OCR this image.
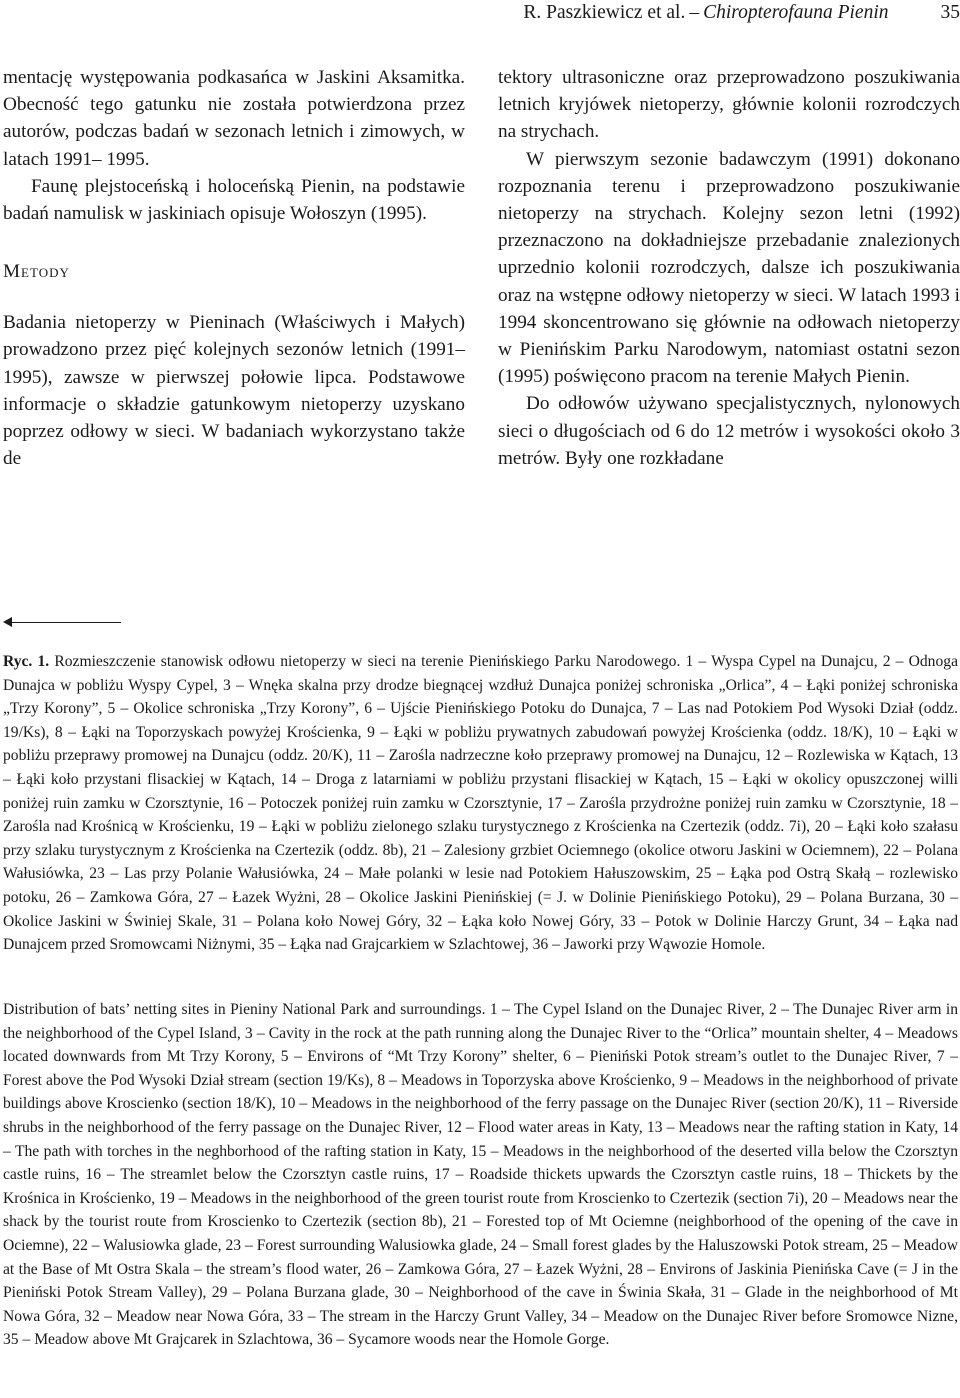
R. Paszkiewicz et al. – Chiropterofauna Pienin	35

mentację występowania podkasańca w Jaskini Aksamitka. Obecność tego gatunku nie została potwierdzona przez autorów, podczas badań w sezonach letnich i zimowych, w latach 1991– 1995.

Faunę plejstoceńską i holoceńską Pienin, na podstawie badań namulisk w jaskiniach opisuje Wołoszyn (1995).

Metody

Badania nietoperzy w Pieninach (Właściwych i Małych) prowadzono przez pięć kolejnych sezonów letnich (1991–1995), zawsze w pierwszej połowie lipca. Podstawowe informacje o składzie gatunkowym nietoperzy uzyskano poprzez odłowy w sieci. W badaniach wykorzystano także de

tektory ultrasoniczne oraz przeprowadzono poszukiwania letnich kryjówek nietoperzy, głównie kolonii rozrodczych na strychach.

W pierwszym sezonie badawczym (1991) dokonano rozpoznania terenu i przeprowadzono poszukiwanie nietoperzy na strychach. Kolejny sezon letni (1992) przeznaczono na dokładniejsze przebadanie znalezionych uprzednio kolonii rozrodczych, dalsze ich poszukiwania oraz na wstępne odłowy nietoperzy w sieci. W latach 1993 i 1994 skoncentrowano się głównie na odłowach nietoperzy w Pienińskim Parku Narodowym, natomiast ostatni sezon (1995) poświęcono pracom na terenie Małych Pienin.

Do odłowów używano specjalistycznych, nylonowych sieci o długościach od 6 do 12 metrów i wysokości około 3 metrów. Były one rozkładane

Ryc. 1. Rozmieszczenie stanowisk odłowu nietoperzy w sieci na terenie Pienińskiego Parku Narodowego. 1 – Wyspa Cypel na Dunajcu, 2 – Odnoga Dunajca w pobliżu Wyspy Cypel, 3 – Wnęka skalna przy drodze biegnącej wzdłuż Dunajca poniżej schroniska „Orlica”, 4 – Łąki poniżej schroniska „Trzy Korony”, 5 – Okolice schroniska „Trzy Korony”, 6 – Ujście Pienińskiego Potoku do Dunajca, 7 – Las nad Potokiem Pod Wysoki Dział (oddz. 19/Ks), 8 – Łąki na Toporzyskach powyżej Krościenka, 9 – Łąki w pobliżu prywatnych zabudowań powyżej Krościenka (oddz. 18/K), 10 – Łąki w pobliżu przeprawy promowej na Dunajcu (oddz. 20/K), 11 – Zarośla nadrzeczne koło przeprawy promowej na Dunajcu, 12 – Rozlewiska w Kątach, 13 – Łąki koło przystani flisackiej w Kątach, 14 – Droga z latarniami w pobliżu przystani flisackiej w Kątach, 15 – Łąki w okolicy opuszczonej willi poniżej ruin zamku w Czorsztynie, 16 – Potoczek poniżej ruin zamku w Czorsztynie, 17 – Zarośla przydrożne poniżej ruin zamku w Czorsztynie, 18 – Zarośla nad Krośnicą w Krościenku, 19 – Łąki w pobliżu zielonego szlaku turystycznego z Krościenka na Czertezik (oddz. 7i), 20 – Łąki koło szałasu przy szlaku turystycznym z Krościenka na Czertezik (oddz. 8b), 21 – Zalesiony grzbiet Ociemnego (okolice otworu Jaskini w Ociemnem), 22 – Polana Wałusiówka, 23 – Las przy Polanie Wałusiówka, 24 – Małe polanki w lesie nad Potokiem Hałuszowskim, 25 – Łąka pod Ostrą Skałą – rozlewisko potoku, 26 – Zamkowa Góra, 27 – Łazek Wyżni, 28 – Okolice Jaskini Pienińskiej (= J. w Dolinie Pienińskiego Potoku), 29 – Polana Burzana, 30 – Okolice Jaskini w Świniej Skale, 31 – Polana koło Nowej Góry, 32 – Łąka koło Nowej Góry, 33 – Potok w Dolinie Harczy Grunt, 34 – Łąka nad Dunajcem przed Sromowcami Niżnymi, 35 – Łąka nad Grajcarkiem w Szlachtowej, 36 – Jaworki przy Wąwozie Homole.

Distribution of bats’ netting sites in Pieniny National Park and surroundings. 1 – The Cypel Island on the Dunajec River, 2 – The Dunajec River arm in the neighborhood of the Cypel Island, 3 – Cavity in the rock at the path running along the Dunajec River to the “Orlica” mountain shelter, 4 – Meadows located downwards from Mt Trzy Korony, 5 – Environs of “Mt Trzy Korony” shelter, 6 – Pieniński Potok stream’s outlet to the Dunajec River, 7 – Forest above the Pod Wysoki Dział stream (section 19/Ks), 8 – Meadows in Toporzyska above Krościenko, 9 – Meadows in the neighborhood of private buildings above Kroscienko (section 18/K), 10 – Meadows in the neighborhood of the ferry passage on the Dunajec River (section 20/K), 11 – Riverside shrubs in the neighborhood of the ferry passage on the Dunajec River, 12 – Flood water areas in Katy, 13 – Meadows near the rafting station in Katy, 14 – The path with torches in the neghborhood of the rafting station in Katy, 15 – Meadows in the neighborhood of the deserted villa below the Czorsztyn castle ruins, 16 – The streamlet below the Czorsztyn castle ruins, 17 – Roadside thickets upwards the Czorsztyn castle ruins, 18 – Thickets by the Krośnica in Krościenko, 19 – Meadows in the neighborhood of the green tourist route from Kroscienko to Czertezik (section 7i), 20 – Meadows near the shack by the tourist route from Kroscienko to Czertezik (section 8b), 21 – Forested top of Mt Ociemne (neighborhood of the opening of the cave in Ociemne), 22 – Walusiowka glade, 23 – Forest surrounding Walusiowka glade, 24 – Small forest glades by the Haluszowski Potok stream, 25 – Meadow at the Base of Mt Ostra Skala – the stream’s flood water, 26 – Zamkowa Góra, 27 – Łazek Wyżni, 28 – Environs of Jaskinia Pienińska Cave (= J in the Pieniński Potok Stream Valley), 29 – Polana Burzana glade, 30 – Neighborhood of the cave in Świnia Skała, 31 – Glade in the neighborhood of Mt Nowa Góra, 32 – Meadow near Nowa Góra, 33 – The stream in the Harczy Grunt Valley, 34 – Meadow on the Dunajec River before Sromowce Nizne, 35 – Meadow above Mt Grajcarek in Szlachtowa, 36 – Sycamore woods near the Homole Gorge.
